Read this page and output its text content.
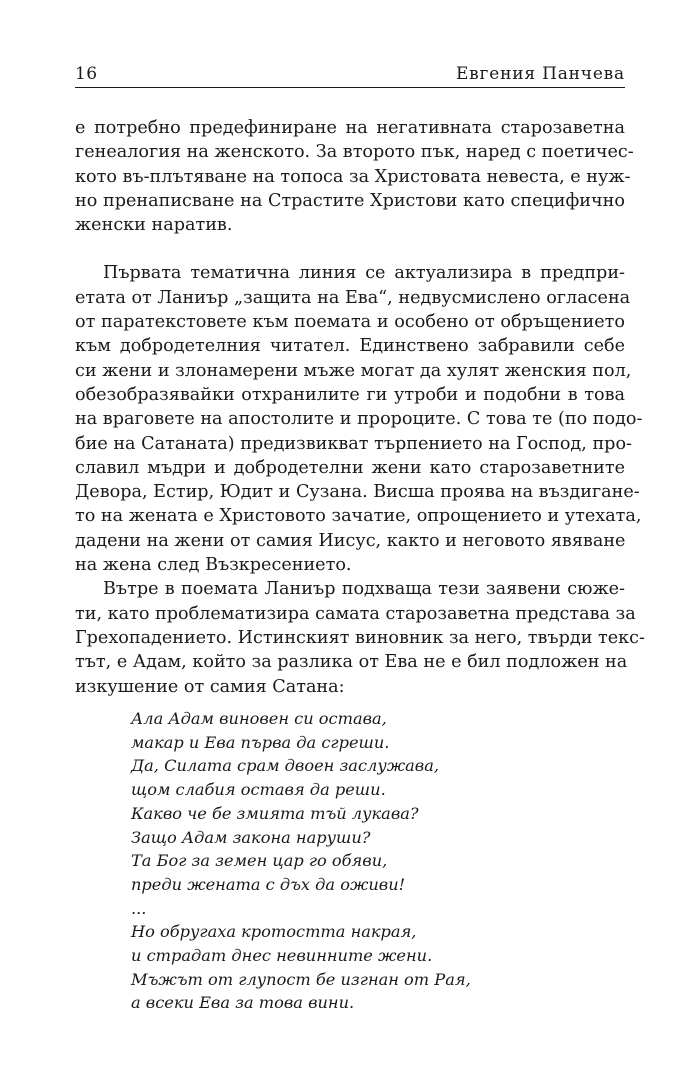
16	Евгения Панчева

е потребно предефиниране на негативната старозаветна
генеалогия на женското. За второто пък, наред с поетичес-
кото въ-плътяване на топоса за Христовата невеста, е нуж-
но пренаписване на Страстите Христови като специфично
женски наратив.

Първата тематична линия се актуализира в предпри-
етата от Ланиър „защита на Ева“, недвусмислено огласена
от паратекстовете към поемата и особено от обръщението
към добродетелния читател. Единствено забравили себе
си жени и злонамерени мъже могат да хулят женския пол,
обезобразявайки отхранилите ги утроби и подобни в това
на враговете на апостолите и пророците. С това те (по подо-
бие на Сатаната) предизвикват търпението на Господ, про-
славил мъдри и добродетелни жени като старозаветните
Девора, Естир, Юдит и Сузана. Висша проява на въздигане-
то на жената е Христовото зачатие, опрощението и утехата,
дадени на жени от самия Иисус, както и неговото явяване
на жена след Възкресението.

Вътре в поемата Ланиър подхваща тези заявени сюже-
ти, като проблематизира самата старозаветна представа за
Грехопадението. Истинският виновник за него, твърди текс-
тът, е Адам, който за разлика от Ева не е бил подложен на
изкушение от самия Сатана:

Ала Адам виновен си остава,
макар и Ева първа да сгреши.
Да, Силата срам двоен заслужава,
щом слабия оставя да реши.
Какво че бе змията тъй лукава?
Защо Адам закона наруши?
Та Бог за земен цар го обяви,
преди жената с дъх да оживи!
...
Но обругаха кротостта накрая,
и страдат днес невинните жени.
Мъжът от глупост бе изгнан от Рая,
а всеки Ева за това вини.
